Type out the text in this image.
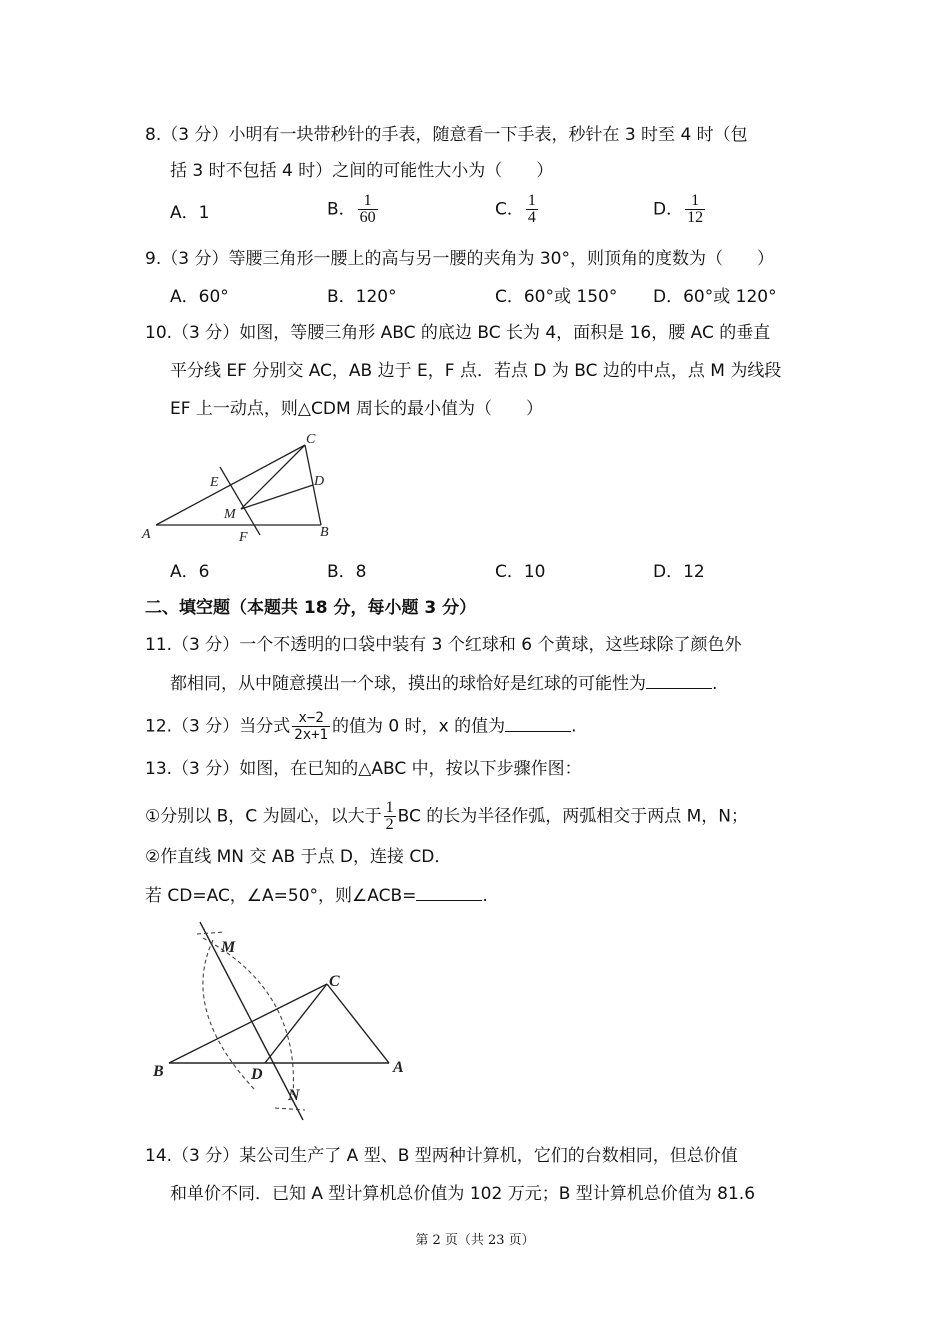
8.（3 分）小明有一块带秒针的手表，随意看一下手表，秒针在 3 时至 4 时（包
括 3 时不包括 4 时）之间的可能性大小为（　　）
A．1	B． $\frac{1}{60}$	C． $\frac{1}{4}$	D． $\frac{1}{12}$
9.（3 分）等腰三角形一腰上的高与另一腰的夹角为 30°，则顶角的度数为（　　）
A．60°	B．120°	C．60°或 150° D．60°或 120°
10.（3 分）如图，等腰三角形 ABC 的底边 BC 长为 4，面积是 16，腰 AC 的垂直
平分线 EF 分别交 AC，AB 边于 E，F 点．若点 D 为 BC 边的中点，点 M 为线段
EF 上一动点，则△CDM 周长的最小值为（　　）
C
D
E
M
A	F	B
A．6	B．8	C．10	D．12
二、填空题（本题共 18 分，每小题 3 分）
11.（3 分）一个不透明的口袋中装有 3 个红球和 6 个黄球，这些球除了颜色外
都相同，从中随意摸出一个球，摸出的球恰好是红球的可能性为	.
12.（3 分）当分式 $\frac{x-2}{2x+1}$ 的值为 0 时，x 的值为	.
13.（3 分）如图，在已知的△ABC 中，按以下步骤作图：
①分别以 B，C 为圆心，以大于 $\frac{1}{2}$ BC 的长为半径作弧，两弧相交于两点 M，N；
②作直线 MN 交 AB 于点 D，连接 CD．
若 CD=AC，∠A=50°，则∠ACB=	.
M
C
B	D	A
N
14.（3 分）某公司生产了 A 型、B 型两种计算机，它们的台数相同，但总价值
和单价不同．已知 A 型计算机总价值为 102 万元；B 型计算机总价值为 81.6
第 2 页（共 23 页）
